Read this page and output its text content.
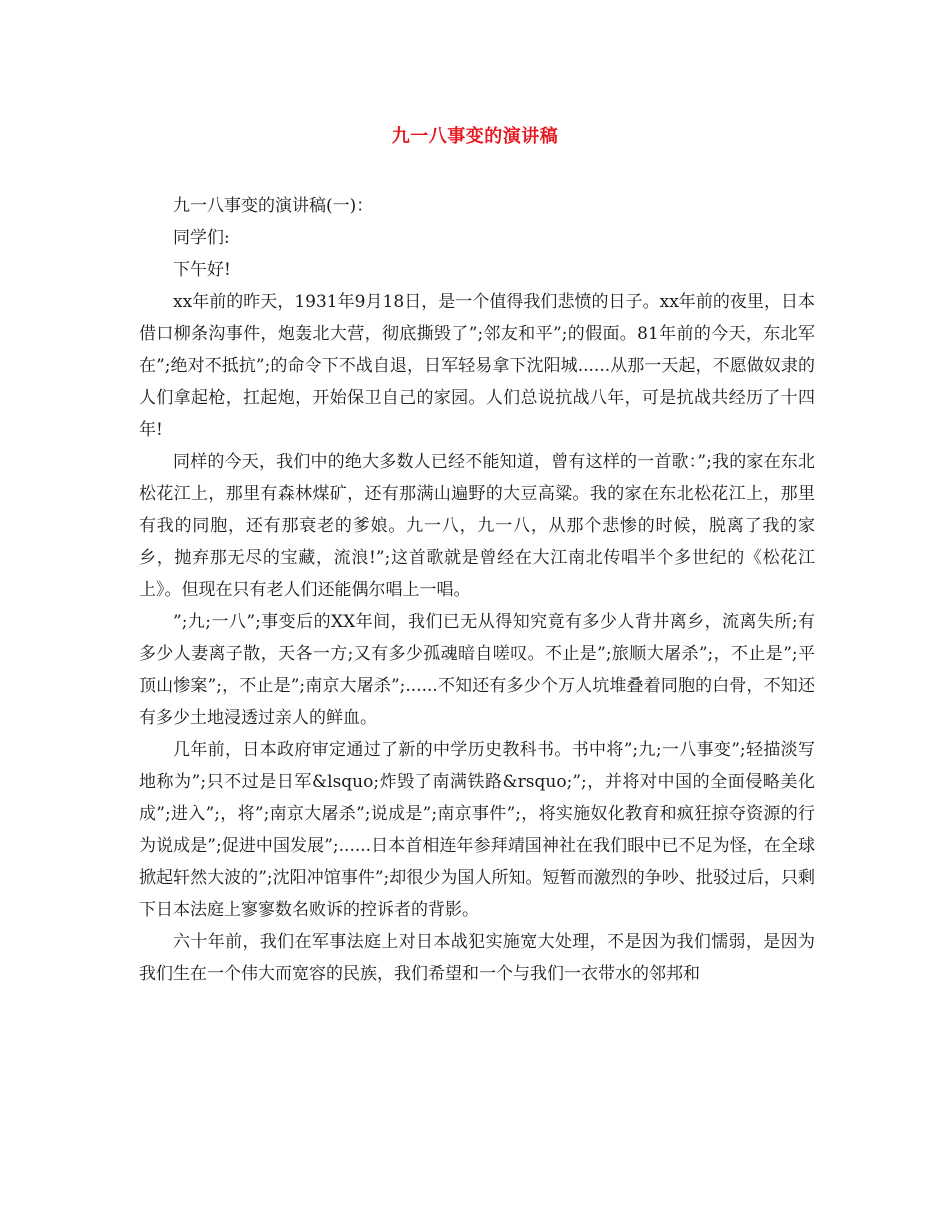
九一八事变的演讲稿

九一八事变的演讲稿(一)：

同学们:

下午好!

xx年前的昨天，1931年9月18日，是一个值得我们悲愤的日子。xx年前的夜里，日本借口柳条沟事件，炮轰北大营，彻底撕毁了”;邻友和平”;的假面。81年前的今天，东北军在”;绝对不抵抗”;的命令下不战自退，日军轻易拿下沈阳城......从那一天起，不愿做奴隶的人们拿起枪，扛起炮，开始保卫自己的家园。人们总说抗战八年，可是抗战共经历了十四年!

同样的今天，我们中的绝大多数人已经不能知道，曾有这样的一首歌：”;我的家在东北松花江上，那里有森林煤矿，还有那满山遍野的大豆高粱。我的家在东北松花江上，那里有我的同胞，还有那衰老的爹娘。九一八，九一八，从那个悲惨的时候，脱离了我的家乡，抛弃那无尽的宝藏，流浪!”;这首歌就是曾经在大江南北传唱半个多世纪的《松花江上》。但现在只有老人们还能偶尔唱上一唱。

”;九;一八”;事变后的XX年间，我们已无从得知究竟有多少人背井离乡，流离失所;有多少人妻离子散，天各一方;又有多少孤魂暗自嗟叹。不止是”;旅顺大屠杀”;，不止是”;平顶山惨案”;，不止是”;南京大屠杀”;......不知还有多少个万人坑堆叠着同胞的白骨，不知还有多少土地浸透过亲人的鲜血。

几年前，日本政府审定通过了新的中学历史教科书。书中将”;九;一八事变”;轻描淡写地称为”;只不过是日军&lsquo;炸毁了南满铁路&rsquo;”;，并将对中国的全面侵略美化成”;进入”;，将”;南京大屠杀”;说成是”;南京事件”;，将实施奴化教育和疯狂掠夺资源的行为说成是”;促进中国发展”;......日本首相连年参拜靖国神社在我们眼中已不足为怪，在全球掀起轩然大波的”;沈阳冲馆事件”;却很少为国人所知。短暂而激烈的争吵、批驳过后，只剩下日本法庭上寥寥数名败诉的控诉者的背影。

六十年前，我们在军事法庭上对日本战犯实施宽大处理，不是因为我们懦弱，是因为我们生在一个伟大而宽容的民族，我们希望和一个与我们一衣带水的邻邦和
